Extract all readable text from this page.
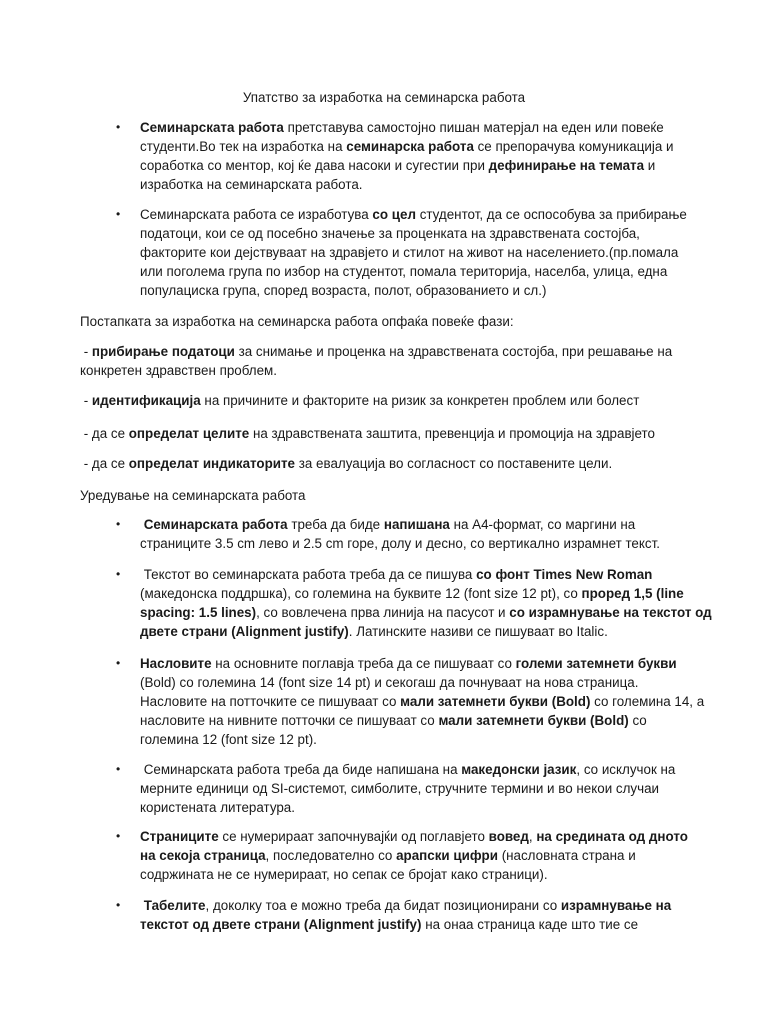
Упатство за изработка на семинарска работа
• Семинарската работа претставува самостојно пишан матерјал на еден или повеќе
студенти.Во тек на изработка на семинарска работа се препорачува комуникација и
соработка со ментор, кој ќе дава насоки и сугестии при дефинирање на темата и
изработка на семинарската работа.
• Семинарската работа се изработува со цел студентот, да се оспособува за прибирање
податоци, кои се од посебно значење за проценката на здравствената состојба,
факторите кои дејствуваат на здравјето и стилот на живот на населението.(пр.помала
или поголема група по избор на студентот, помала територија, населба, улица, една
популациска група, според возраста, полот, образованието и сл.)
Постапката за изработка на семинарска работа опфаќа повеќе фази:
- прибирање податоци за снимање и проценка на здравствената состојба, при решавање на
конкретен здравствен проблем.
- идентификација на причините и факторите на ризик за конкретен проблем или болест
- да се определат целите на здравствената заштита, превенција и промоција на здравјето
- да се определат индикаторите за евалуација во согласност со поставените цели.
Уредување на семинарската работа
• Семинарската работа треба да биде напишана на А4-формат, со маргини на
страниците 3.5 cm лево и 2.5 cm горе, долу и десно, со вертикално израмнет текст.
• Текстот во семинарската работа треба да се пишува со фонт Times New Roman
(македонска поддршка), со големина на буквите 12 (font size 12 pt), со проред 1,5 (line
spacing: 1.5 lines), со вовлечена прва линија на пасусот и со израмнување на текстот од
двете страни (Alignment justify). Латинските називи се пишуваат во Italic.
• Насловите на основните поглавја треба да се пишуваат со големи затемнети букви
(Bold) со големина 14 (font size 14 pt) и секогаш да почнуваат на нова страница.
Насловите на потточките се пишуваат со мали затемнети букви (Bold) со големина 14, а
насловите на нивните потточки се пишуваат со мали затемнети букви (Bold) со
големина 12 (font size 12 pt).
• Семинарската работа треба да биде напишана на македонски јазик, со исклучок на
мерните единици од SI-системот, симболите, стручните термини и во некои случаи
користената литература.
• Страниците се нумерираат започнувајќи од поглавјето вовед, на средината од дното
на секоја страница, последователно со арапски цифри (насловната страна и
содржината не се нумерираат, но сепак се бројат како страници).
• Табелите, доколку тоа е можно треба да бидат позиционирани со израмнување на
текстот од двете страни (Alignment justify) на онаа страница каде што тие се
